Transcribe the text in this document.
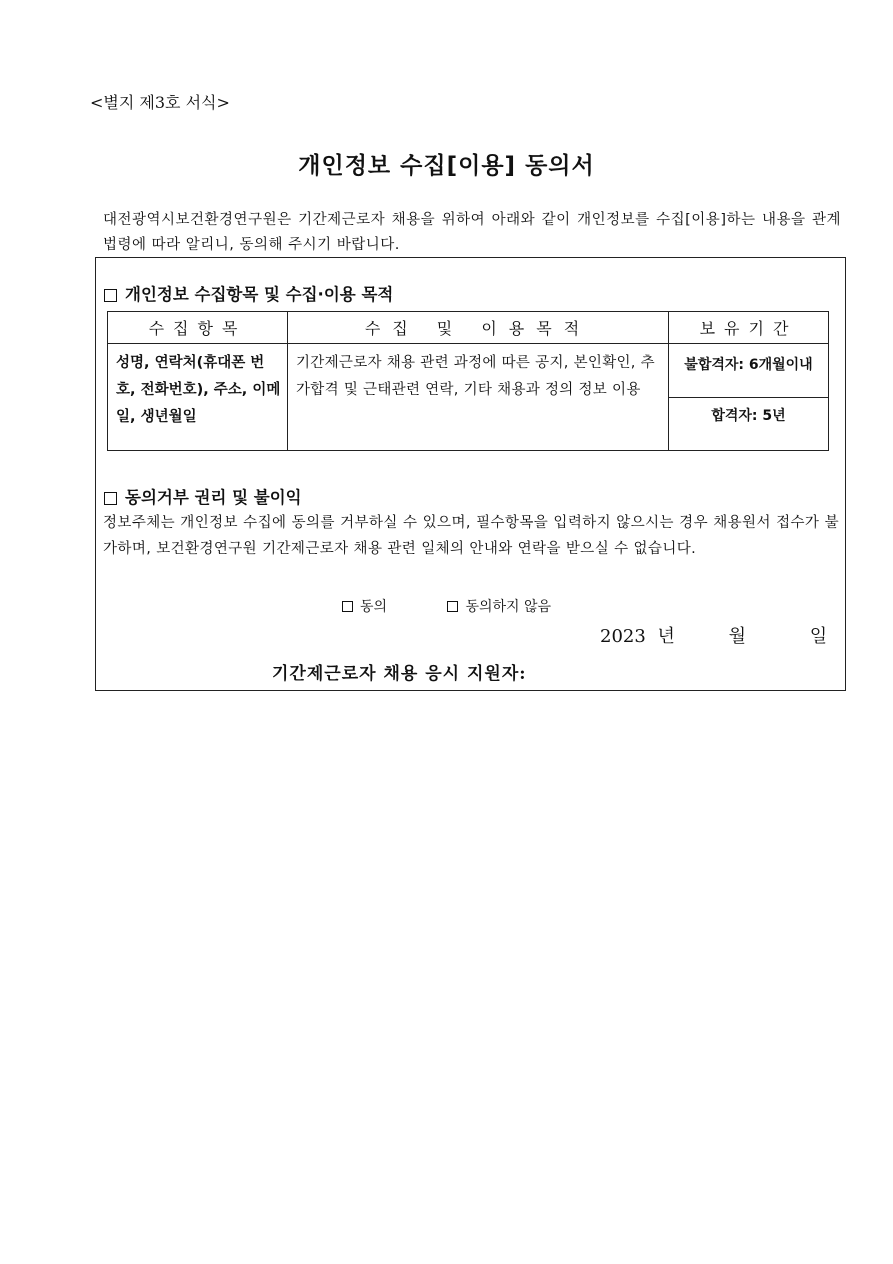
<별지 제3호 서식>
개인정보 수집[이용] 동의서
대전광역시보건환경연구원은 기간제근로자 채용을 위하여 아래와 같이 개인정보를 수집[이용]하는 내용을 관계법령에 따라 알리니, 동의해 주시기 바랍니다.
개인정보 수집항목 및 수집·이용 목적
수집항목	수집 및 이용목적	보유기간
성명, 연락처(휴대폰 번호, 전화번호), 주소, 이메일, 생년월일	기간제근로자 채용 관련 과정에 따른 공지, 본인확인, 추가합격 및 근태관련 연락, 기타 채용과 정의 정보 이용	불합격자: 6개월이내
합격자: 5년
동의거부 권리 및 불이익
정보주체는 개인정보 수집에 동의를 거부하실 수 있으며, 필수항목을 입력하지 않으시는 경우 채용원서 접수가 불가하며, 보건환경연구원 기간제근로자 채용 관련 일체의 안내와 연락을 받으실 수 없습니다.
동의	동의하지 않음
2023 년	월	일
기간제근로자 채용 응시 지원자:
